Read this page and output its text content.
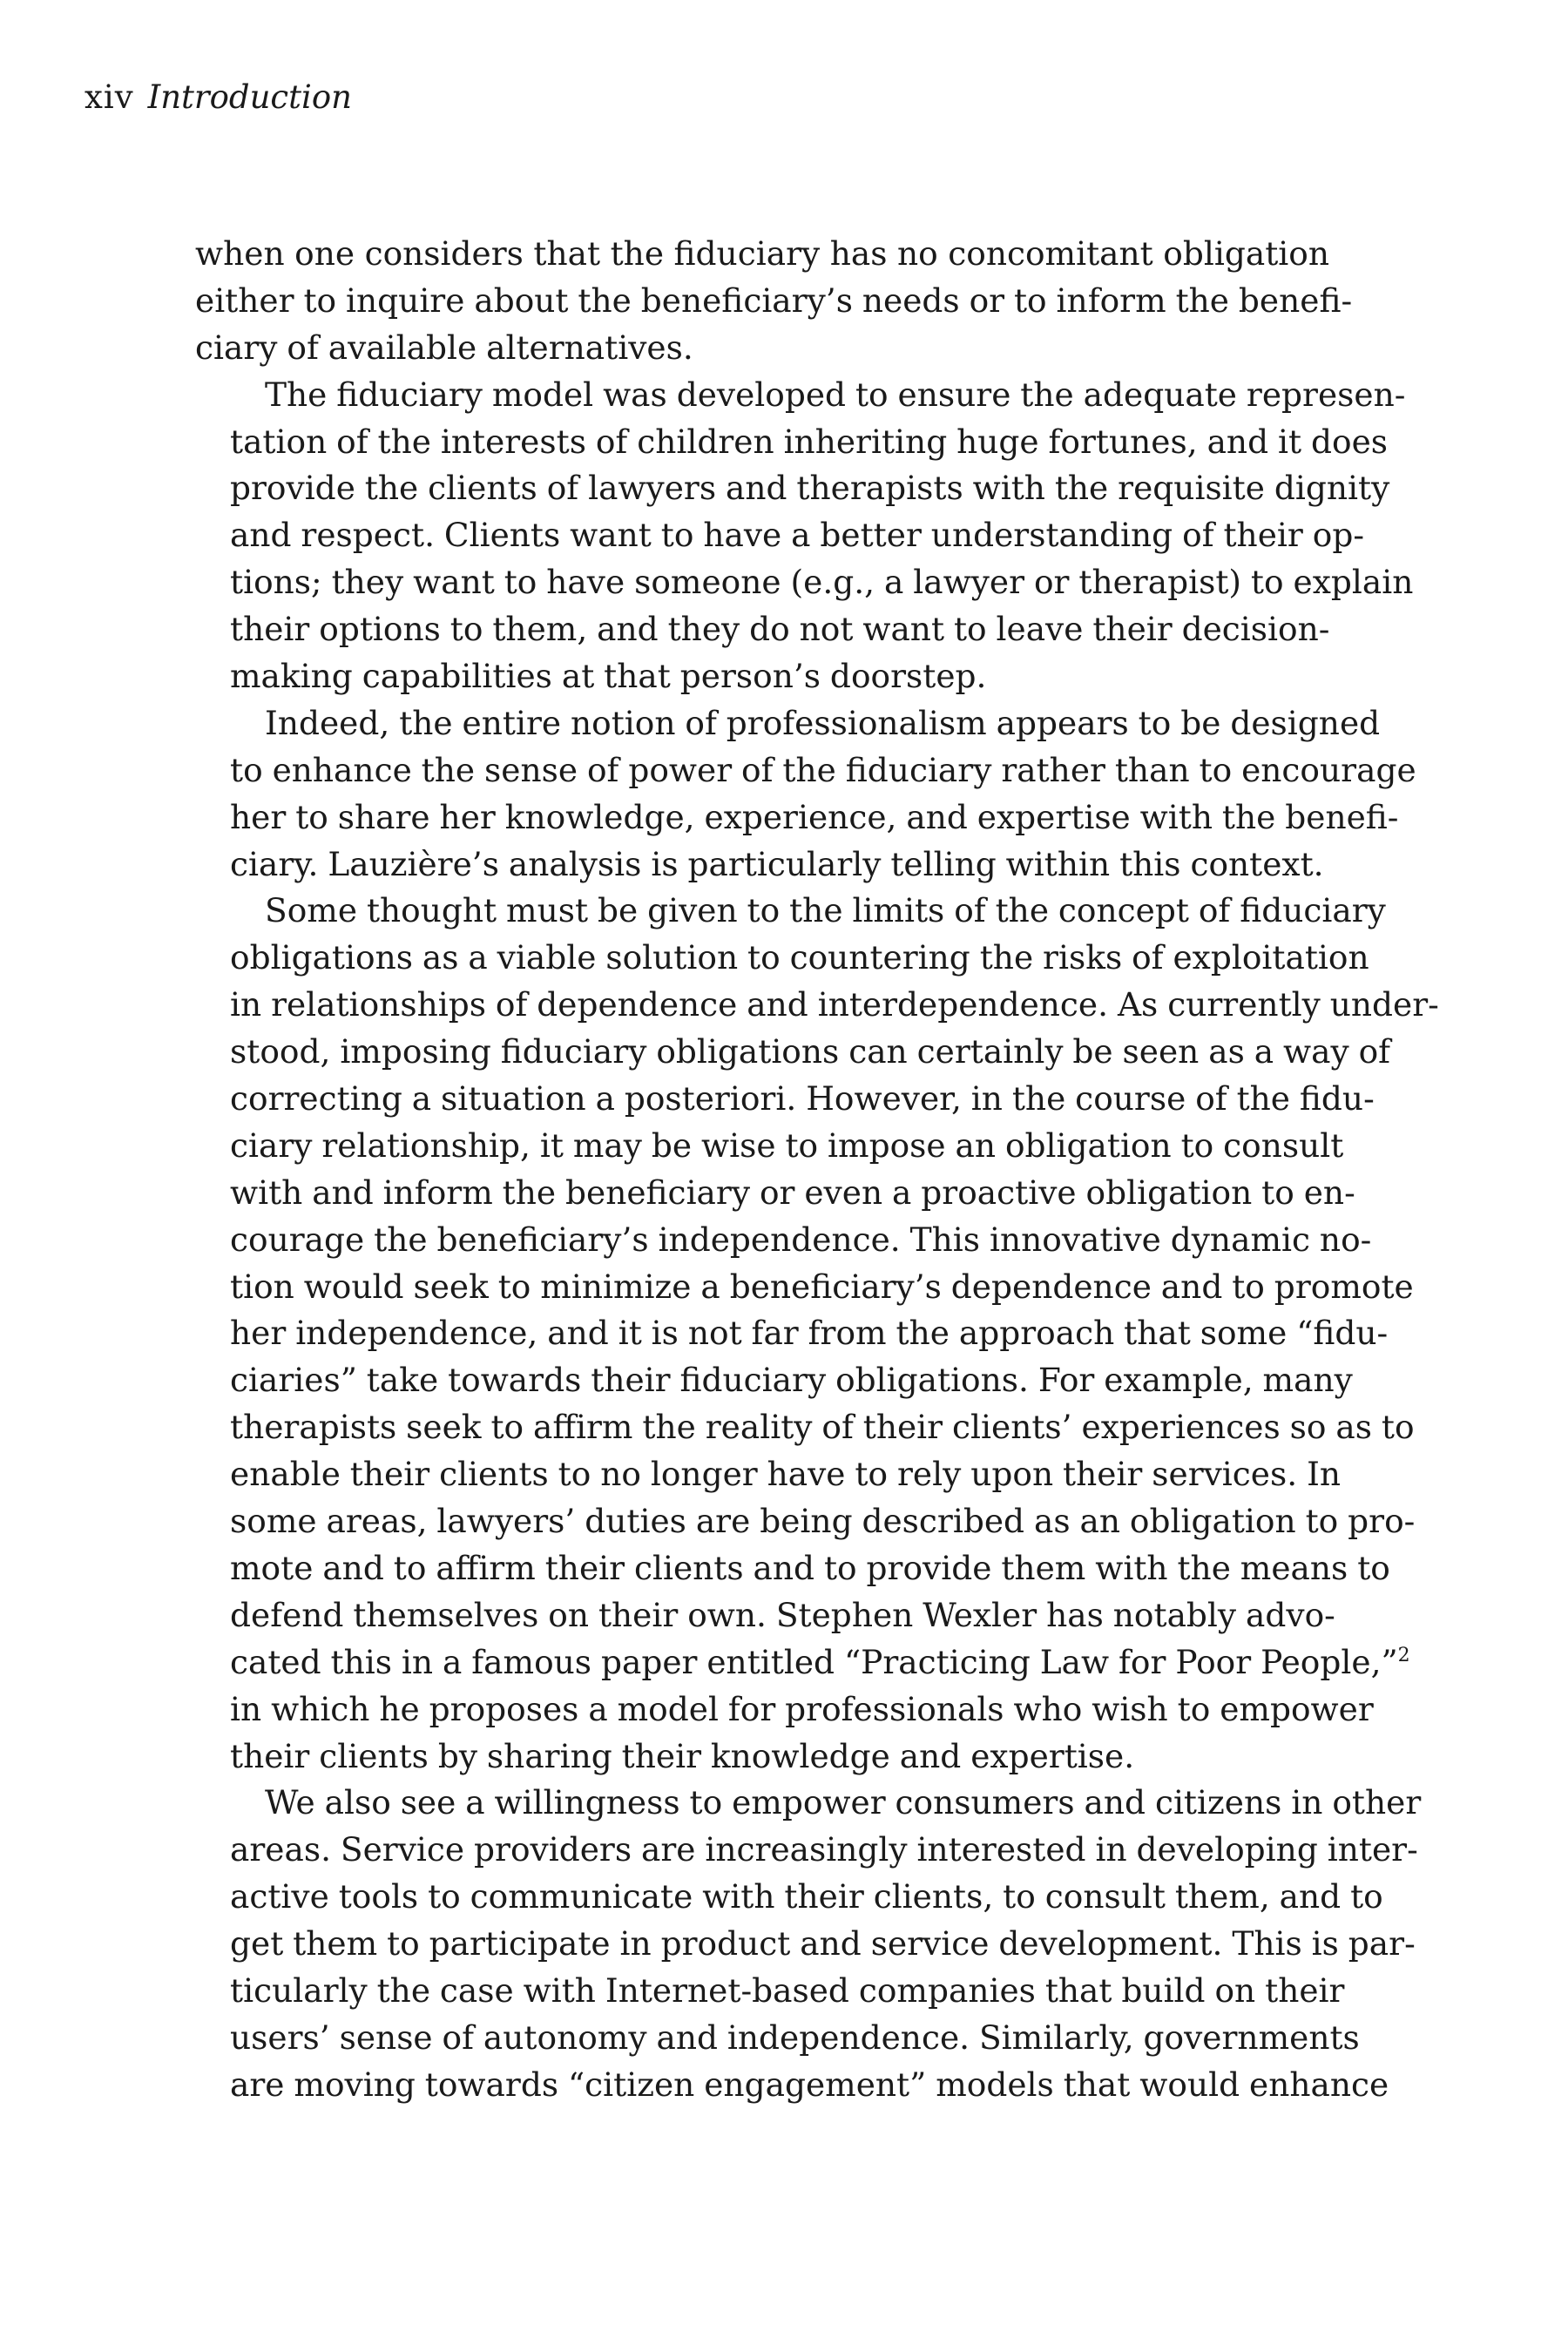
xiv Introduction
when one considers that the fiduciary has no concomitant obligation
either to inquire about the beneficiary’s needs or to inform the benefi-
ciary of available alternatives.
The fiduciary model was developed to ensure the adequate represen-
tation of the interests of children inheriting huge fortunes, and it does
provide the clients of lawyers and therapists with the requisite dignity
and respect. Clients want to have a better understanding of their op-
tions; they want to have someone (e.g., a lawyer or therapist) to explain
their options to them, and they do not want to leave their decision-
making capabilities at that person’s doorstep.
Indeed, the entire notion of professionalism appears to be designed
to enhance the sense of power of the fiduciary rather than to encourage
her to share her knowledge, experience, and expertise with the benefi-
ciary. Lauzière’s analysis is particularly telling within this context.
Some thought must be given to the limits of the concept of fiduciary
obligations as a viable solution to countering the risks of exploitation
in relationships of dependence and interdependence. As currently under-
stood, imposing fiduciary obligations can certainly be seen as a way of
correcting a situation a posteriori. However, in the course of the fidu-
ciary relationship, it may be wise to impose an obligation to consult
with and inform the beneficiary or even a proactive obligation to en-
courage the beneficiary’s independence. This innovative dynamic no-
tion would seek to minimize a beneficiary’s dependence and to promote
her independence, and it is not far from the approach that some “fidu-
ciaries” take towards their fiduciary obligations. For example, many
therapists seek to affirm the reality of their clients’ experiences so as to
enable their clients to no longer have to rely upon their services. In
some areas, lawyers’ duties are being described as an obligation to pro-
mote and to affirm their clients and to provide them with the means to
defend themselves on their own. Stephen Wexler has notably advo-
cated this in a famous paper entitled “Practicing Law for Poor People,”$^2$
in which he proposes a model for professionals who wish to empower
their clients by sharing their knowledge and expertise.
We also see a willingness to empower consumers and citizens in other
areas. Service providers are increasingly interested in developing inter-
active tools to communicate with their clients, to consult them, and to
get them to participate in product and service development. This is par-
ticularly the case with Internet-based companies that build on their
users’ sense of autonomy and independence. Similarly, governments
are moving towards “citizen engagement” models that would enhance
